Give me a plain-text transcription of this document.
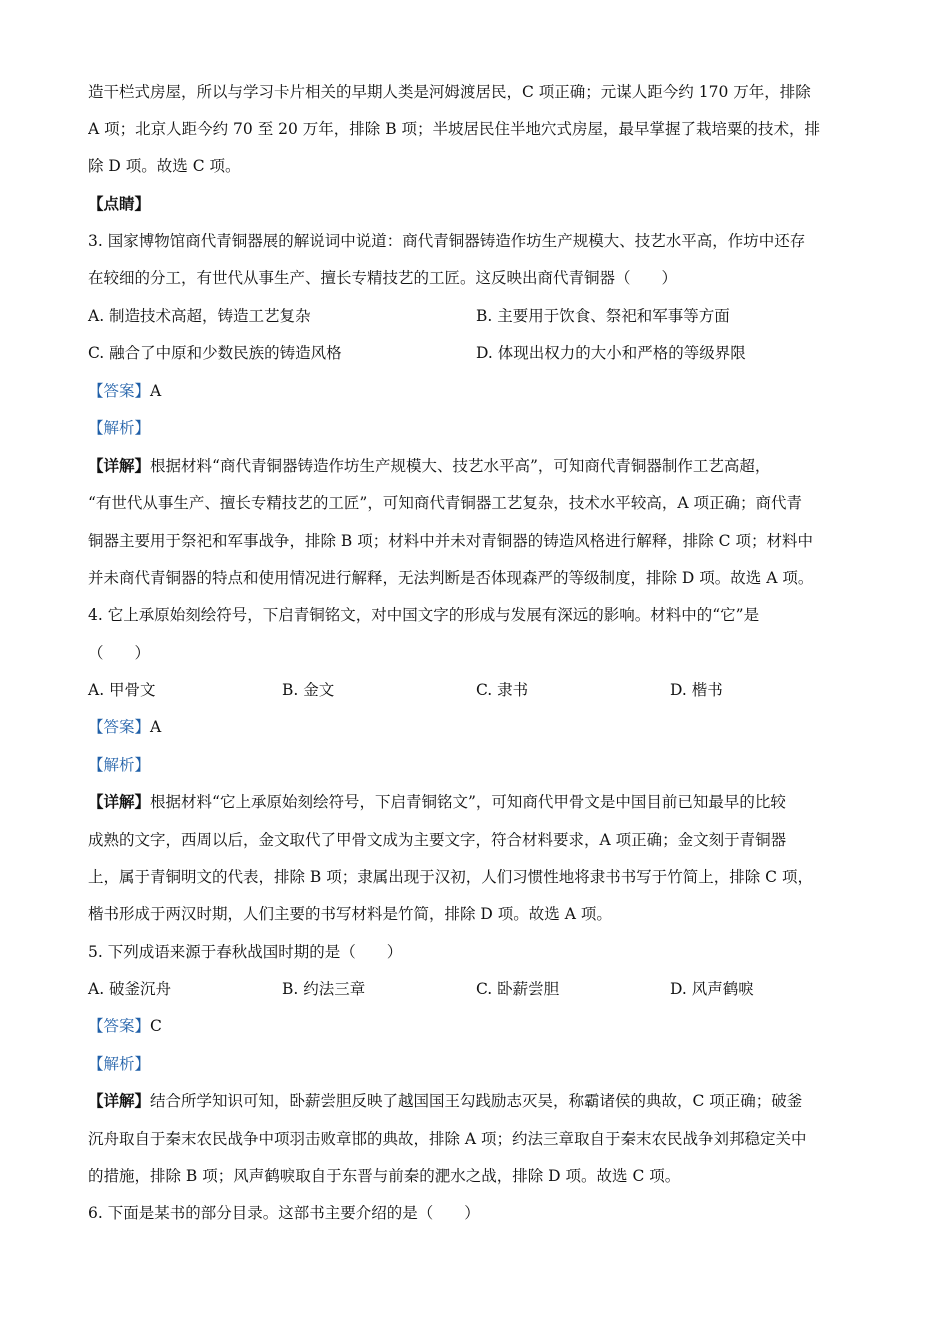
造干栏式房屋，所以与学习卡片相关的早期人类是河姆渡居民，C 项正确；元谋人距今约 170 万年，排除
A 项；北京人距今约 70 至 20 万年，排除 B 项；半坡居民住半地穴式房屋，最早掌握了栽培粟的技术，排
除 D 项。故选 C 项。
【点睛】
3. 国家博物馆商代青铜器展的解说词中说道：商代青铜器铸造作坊生产规模大、技艺水平高，作坊中还存
在较细的分工，有世代从事生产、擅长专精技艺的工匠。这反映出商代青铜器（　　）
A. 制造技术高超，铸造工艺复杂	B. 主要用于饮食、祭祀和军事等方面
C. 融合了中原和少数民族的铸造风格	D. 体现出权力的大小和严格的等级界限
【答案】A
【解析】
【详解】根据材料“商代青铜器铸造作坊生产规模大、技艺水平高”，可知商代青铜器制作工艺高超，
“有世代从事生产、擅长专精技艺的工匠”，可知商代青铜器工艺复杂，技术水平较高，A 项正确；商代青
铜器主要用于祭祀和军事战争，排除 B 项；材料中并未对青铜器的铸造风格进行解释，排除 C 项；材料中
并未商代青铜器的特点和使用情况进行解释，无法判断是否体现森严的等级制度，排除 D 项。故选 A 项。
4. 它上承原始刻绘符号，下启青铜铭文，对中国文字的形成与发展有深远的影响。材料中的“它”是
（　　）
A. 甲骨文	B. 金文	C. 隶书	D. 楷书
【答案】A
【解析】
【详解】根据材料“它上承原始刻绘符号，下启青铜铭文”，可知商代甲骨文是中国目前已知最早的比较
成熟的文字，西周以后，金文取代了甲骨文成为主要文字，符合材料要求，A 项正确；金文刻于青铜器
上，属于青铜明文的代表，排除 B 项；隶属出现于汉初，人们习惯性地将隶书书写于竹简上，排除 C 项，
楷书形成于两汉时期，人们主要的书写材料是竹简，排除 D 项。故选 A 项。
5. 下列成语来源于春秋战国时期的是（　　）
A. 破釜沉舟	B. 约法三章	C. 卧薪尝胆	D. 风声鹤唳
【答案】C
【解析】
【详解】结合所学知识可知，卧薪尝胆反映了越国国王勾践励志灭吴，称霸诸侯的典故，C 项正确；破釜
沉舟取自于秦末农民战争中项羽击败章邯的典故，排除 A 项；约法三章取自于秦末农民战争刘邦稳定关中
的措施，排除 B 项；风声鹤唳取自于东晋与前秦的淝水之战，排除 D 项。故选 C 项。
6. 下面是某书的部分目录。这部书主要介绍的是（　　）
